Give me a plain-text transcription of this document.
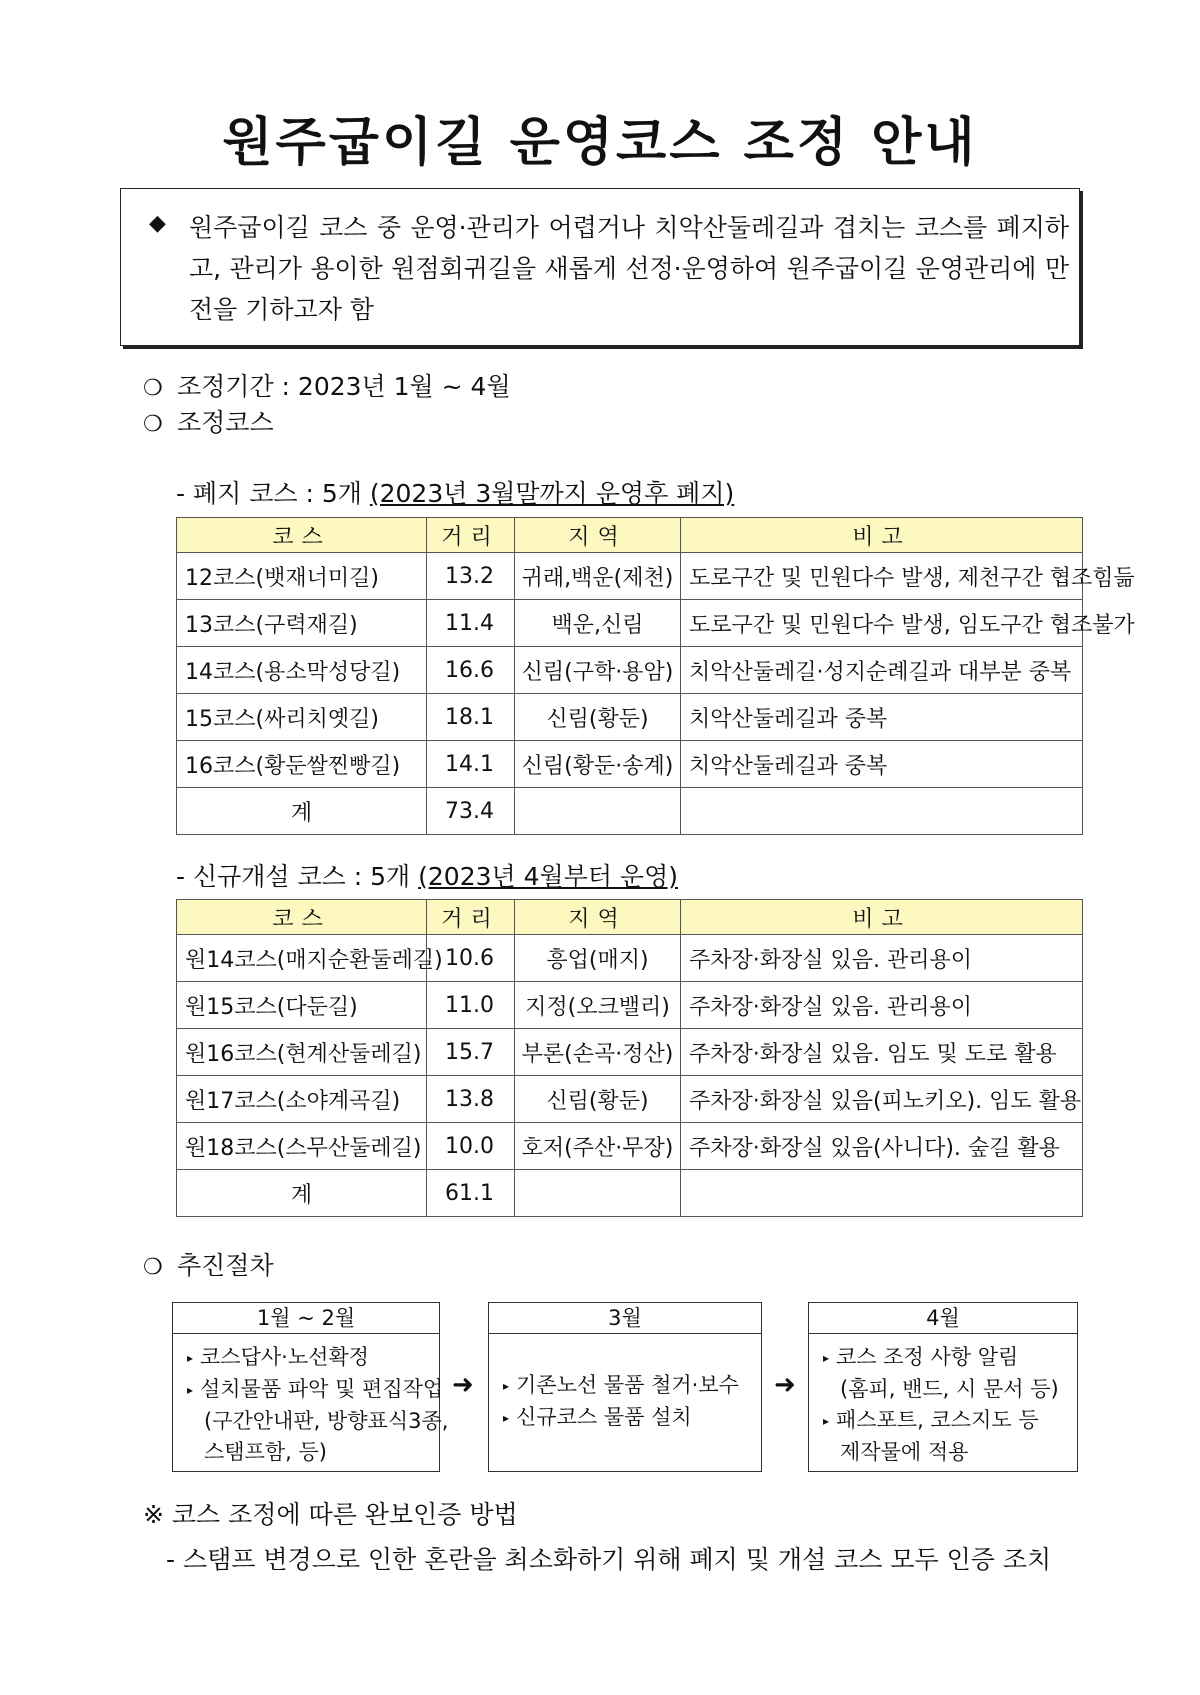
원주굽이길 운영코스 조정 안내
◆ 원주굽이길 코스 중 운영·관리가 어렵거나 치악산둘레길과 겹치는 코스를 폐지하고, 관리가 용이한 원점회귀길을 새롭게 선정·운영하여 원주굽이길 운영관리에 만전을 기하고자 함
❍ 조정기간 : 2023년 1월 ~ 4월
❍ 조정코스
- 폐지 코스 : 5개 (2023년 3월말까지 운영후 폐지)
코스	거리	지역	비고
12코스(뱃재너미길)	13.2	귀래,백운(제천)	도로구간 및 민원다수 발생, 제천구간 협조힘듦
13코스(구력재길)	11.4	백운,신림	도로구간 및 민원다수 발생, 임도구간 협조불가
14코스(용소막성당길)	16.6	신림(구학·용암)	치악산둘레길·성지순례길과 대부분 중복
15코스(싸리치옛길)	18.1	신림(황둔)	치악산둘레길과 중복
16코스(황둔쌀찐빵길)	14.1	신림(황둔·송계)	치악산둘레길과 중복
계	73.4		
- 신규개설 코스 : 5개 (2023년 4월부터 운영)
코스	거리	지역	비고
원14코스(매지순환둘레길)	10.6	흥업(매지)	주차장·화장실 있음. 관리용이
원15코스(다둔길)	11.0	지정(오크밸리)	주차장·화장실 있음. 관리용이
원16코스(현계산둘레길)	15.7	부론(손곡·정산)	주차장·화장실 있음. 임도 및 도로 활용
원17코스(소야계곡길)	13.8	신림(황둔)	주차장·화장실 있음(피노키오). 임도 활용
원18코스(스무산둘레길)	10.0	호저(주산·무장)	주차장·화장실 있음(사니다). 숲길 활용
계	61.1		
❍ 추진절차
1월 ~ 2월
▸ 코스답사·노선확정
▸ 설치물품 파악 및 편집작업
(구간안내판, 방향표식3종,
스탬프함, 등)
➜
3월
▸ 기존노선 물품 철거·보수
▸ 신규코스 물품 설치
➜
4월
▸ 코스 조정 사항 알림
(홈피, 밴드, 시 문서 등)
▸ 패스포트, 코스지도 등
제작물에 적용
※ 코스 조정에 따른 완보인증 방법
- 스탬프 변경으로 인한 혼란을 최소화하기 위해 폐지 및 개설 코스 모두 인증 조치
